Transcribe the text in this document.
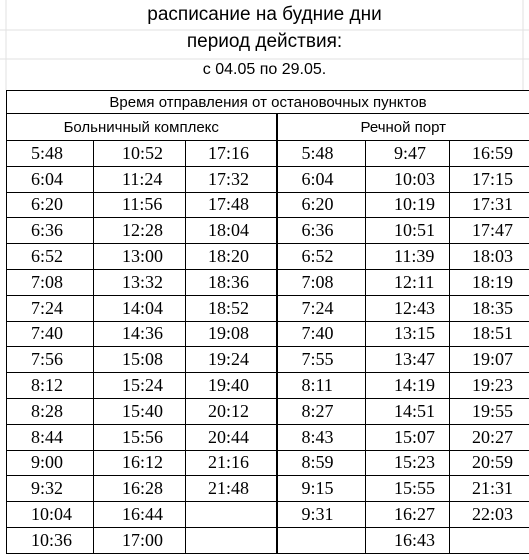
расписание на будние дни
период действия:
с 04.05 по 29.05.
Время отправления от остановочных пунктов					
Больничный комплекс			Речной порт		
5:48	10:52	17:16	5:48	9:47	16:59
6:04	11:24	17:32	6:04	10:03	17:15
6:20	11:56	17:48	6:20	10:19	17:31
6:36	12:28	18:04	6:36	10:51	17:47
6:52	13:00	18:20	6:52	11:39	18:03
7:08	13:32	18:36	7:08	12:11	18:19
7:24	14:04	18:52	7:24	12:43	18:35
7:40	14:36	19:08	7:40	13:15	18:51
7:56	15:08	19:24	7:55	13:47	19:07
8:12	15:24	19:40	8:11	14:19	19:23
8:28	15:40	20:12	8:27	14:51	19:55
8:44	15:56	20:44	8:43	15:07	20:27
9:00	16:12	21:16	8:59	15:23	20:59
9:32	16:28	21:48	9:15	15:55	21:31
10:04	16:44		9:31	16:27	22:03
10:36	17:00			16:43	
